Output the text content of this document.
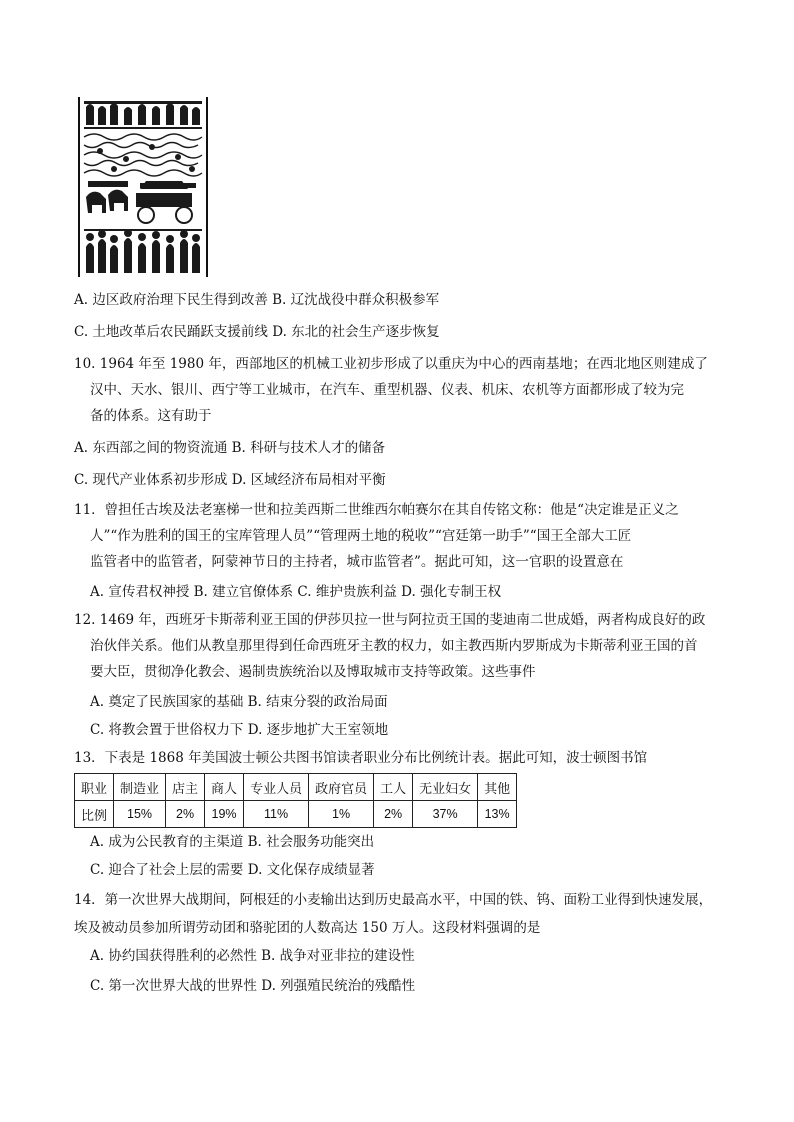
A. 边区政府治理下民生得到改善 B. 辽沈战役中群众积极参军
C. 土地改革后农民踊跃支援前线 D. 东北的社会生产逐步恢复
10. 1964 年至 1980 年，西部地区的机械工业初步形成了以重庆为中心的西南基地；在西北地区则建成了
汉中、天水、银川、西宁等工业城市，在汽车、重型机器、仪表、机床、农机等方面都形成了较为完
备的体系。这有助于
A. 东西部之间的物资流通 B. 科研与技术人才的储备
C. 现代产业体系初步形成 D. 区域经济布局相对平衡
11．曾担任古埃及法老塞梯一世和拉美西斯二世维西尔帕赛尔在其自传铭文称：他是“决定谁是正义之
人”“作为胜利的国王的宝库管理人员”“管理两土地的税收”“宫廷第一助手”“国王全部大工匠
监管者中的监管者，阿蒙神节日的主持者，城市监管者”。据此可知，这一官职的设置意在
A. 宣传君权神授 B. 建立官僚体系 C. 维护贵族利益 D. 强化专制王权
12. 1469 年，西班牙卡斯蒂利亚王国的伊莎贝拉一世与阿拉贡王国的斐迪南二世成婚，两者构成良好的政
治伙伴关系。他们从教皇那里得到任命西班牙主教的权力，如主教西斯内罗斯成为卡斯蒂利亚王国的首
要大臣，贯彻净化教会、遏制贵族统治以及博取城市支持等政策。这些事件
A. 奠定了民族国家的基础 B. 结束分裂的政治局面
C. 将教会置于世俗权力下 D. 逐步地扩大王室领地
13．下表是 1868 年美国波士顿公共图书馆读者职业分布比例统计表。据此可知，波士顿图书馆
职业	制造业	店主	商人	专业人员	政府官员	工人	无业妇女	其他
比例	15%	2%	19%	11%	1%	2%	37%	13%
A. 成为公民教育的主渠道 B. 社会服务功能突出
C. 迎合了社会上层的需要 D. 文化保存成绩显著
14．第一次世界大战期间，阿根廷的小麦输出达到历史最高水平，中国的铁、钨、面粉工业得到快速发展，
埃及被动员参加所谓劳动团和骆驼团的人数高达 150 万人。这段材料强调的是
A. 协约国获得胜利的必然性 B. 战争对亚非拉的建设性
C. 第一次世界大战的世界性 D. 列强殖民统治的残酷性
